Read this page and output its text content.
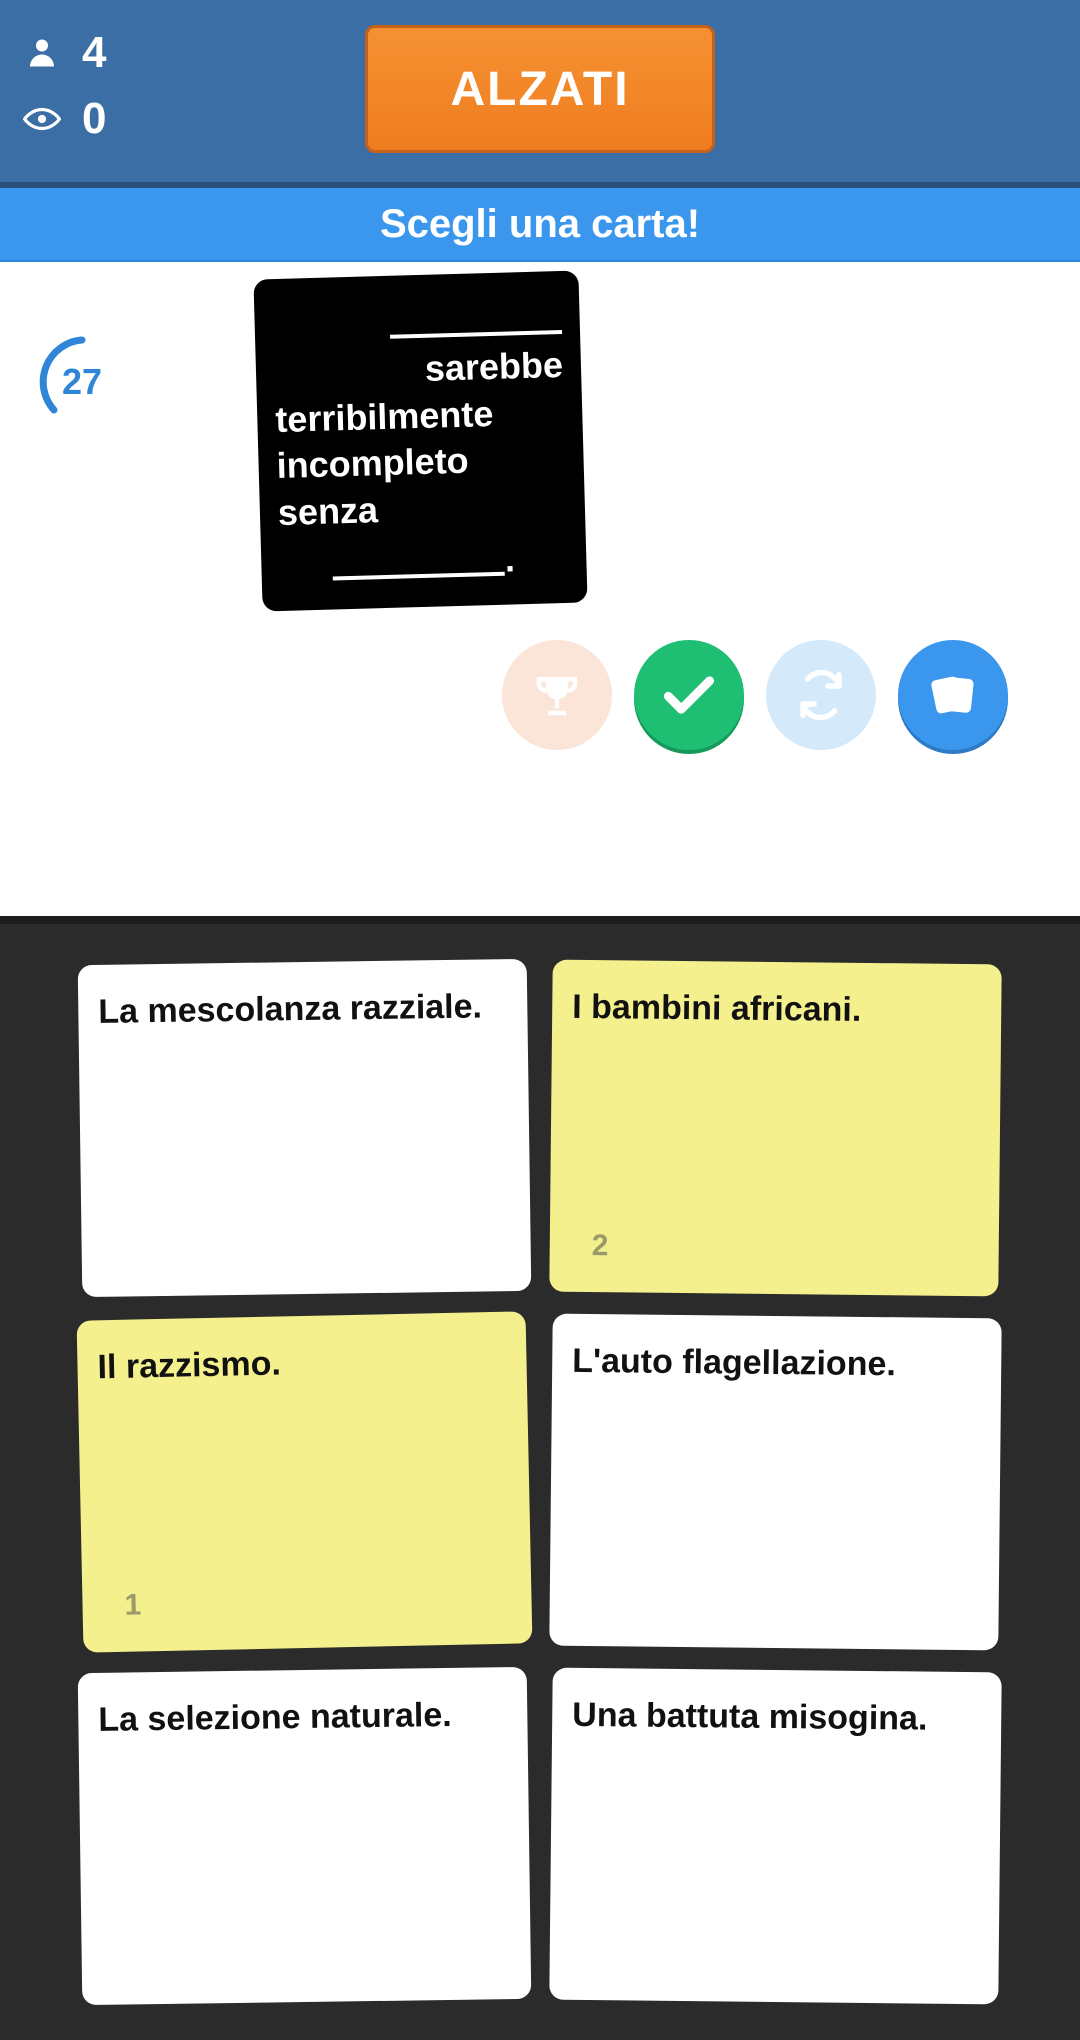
4
0
ALZATI
Scegli una carta!
27	sarebbe
terribilmente
incompleto senza
.
La mescolanza razziale.	I bambini africani.
2
Il razzismo.
1
L'auto flagellazione.
La selezione naturale.	Una battuta misogina.
